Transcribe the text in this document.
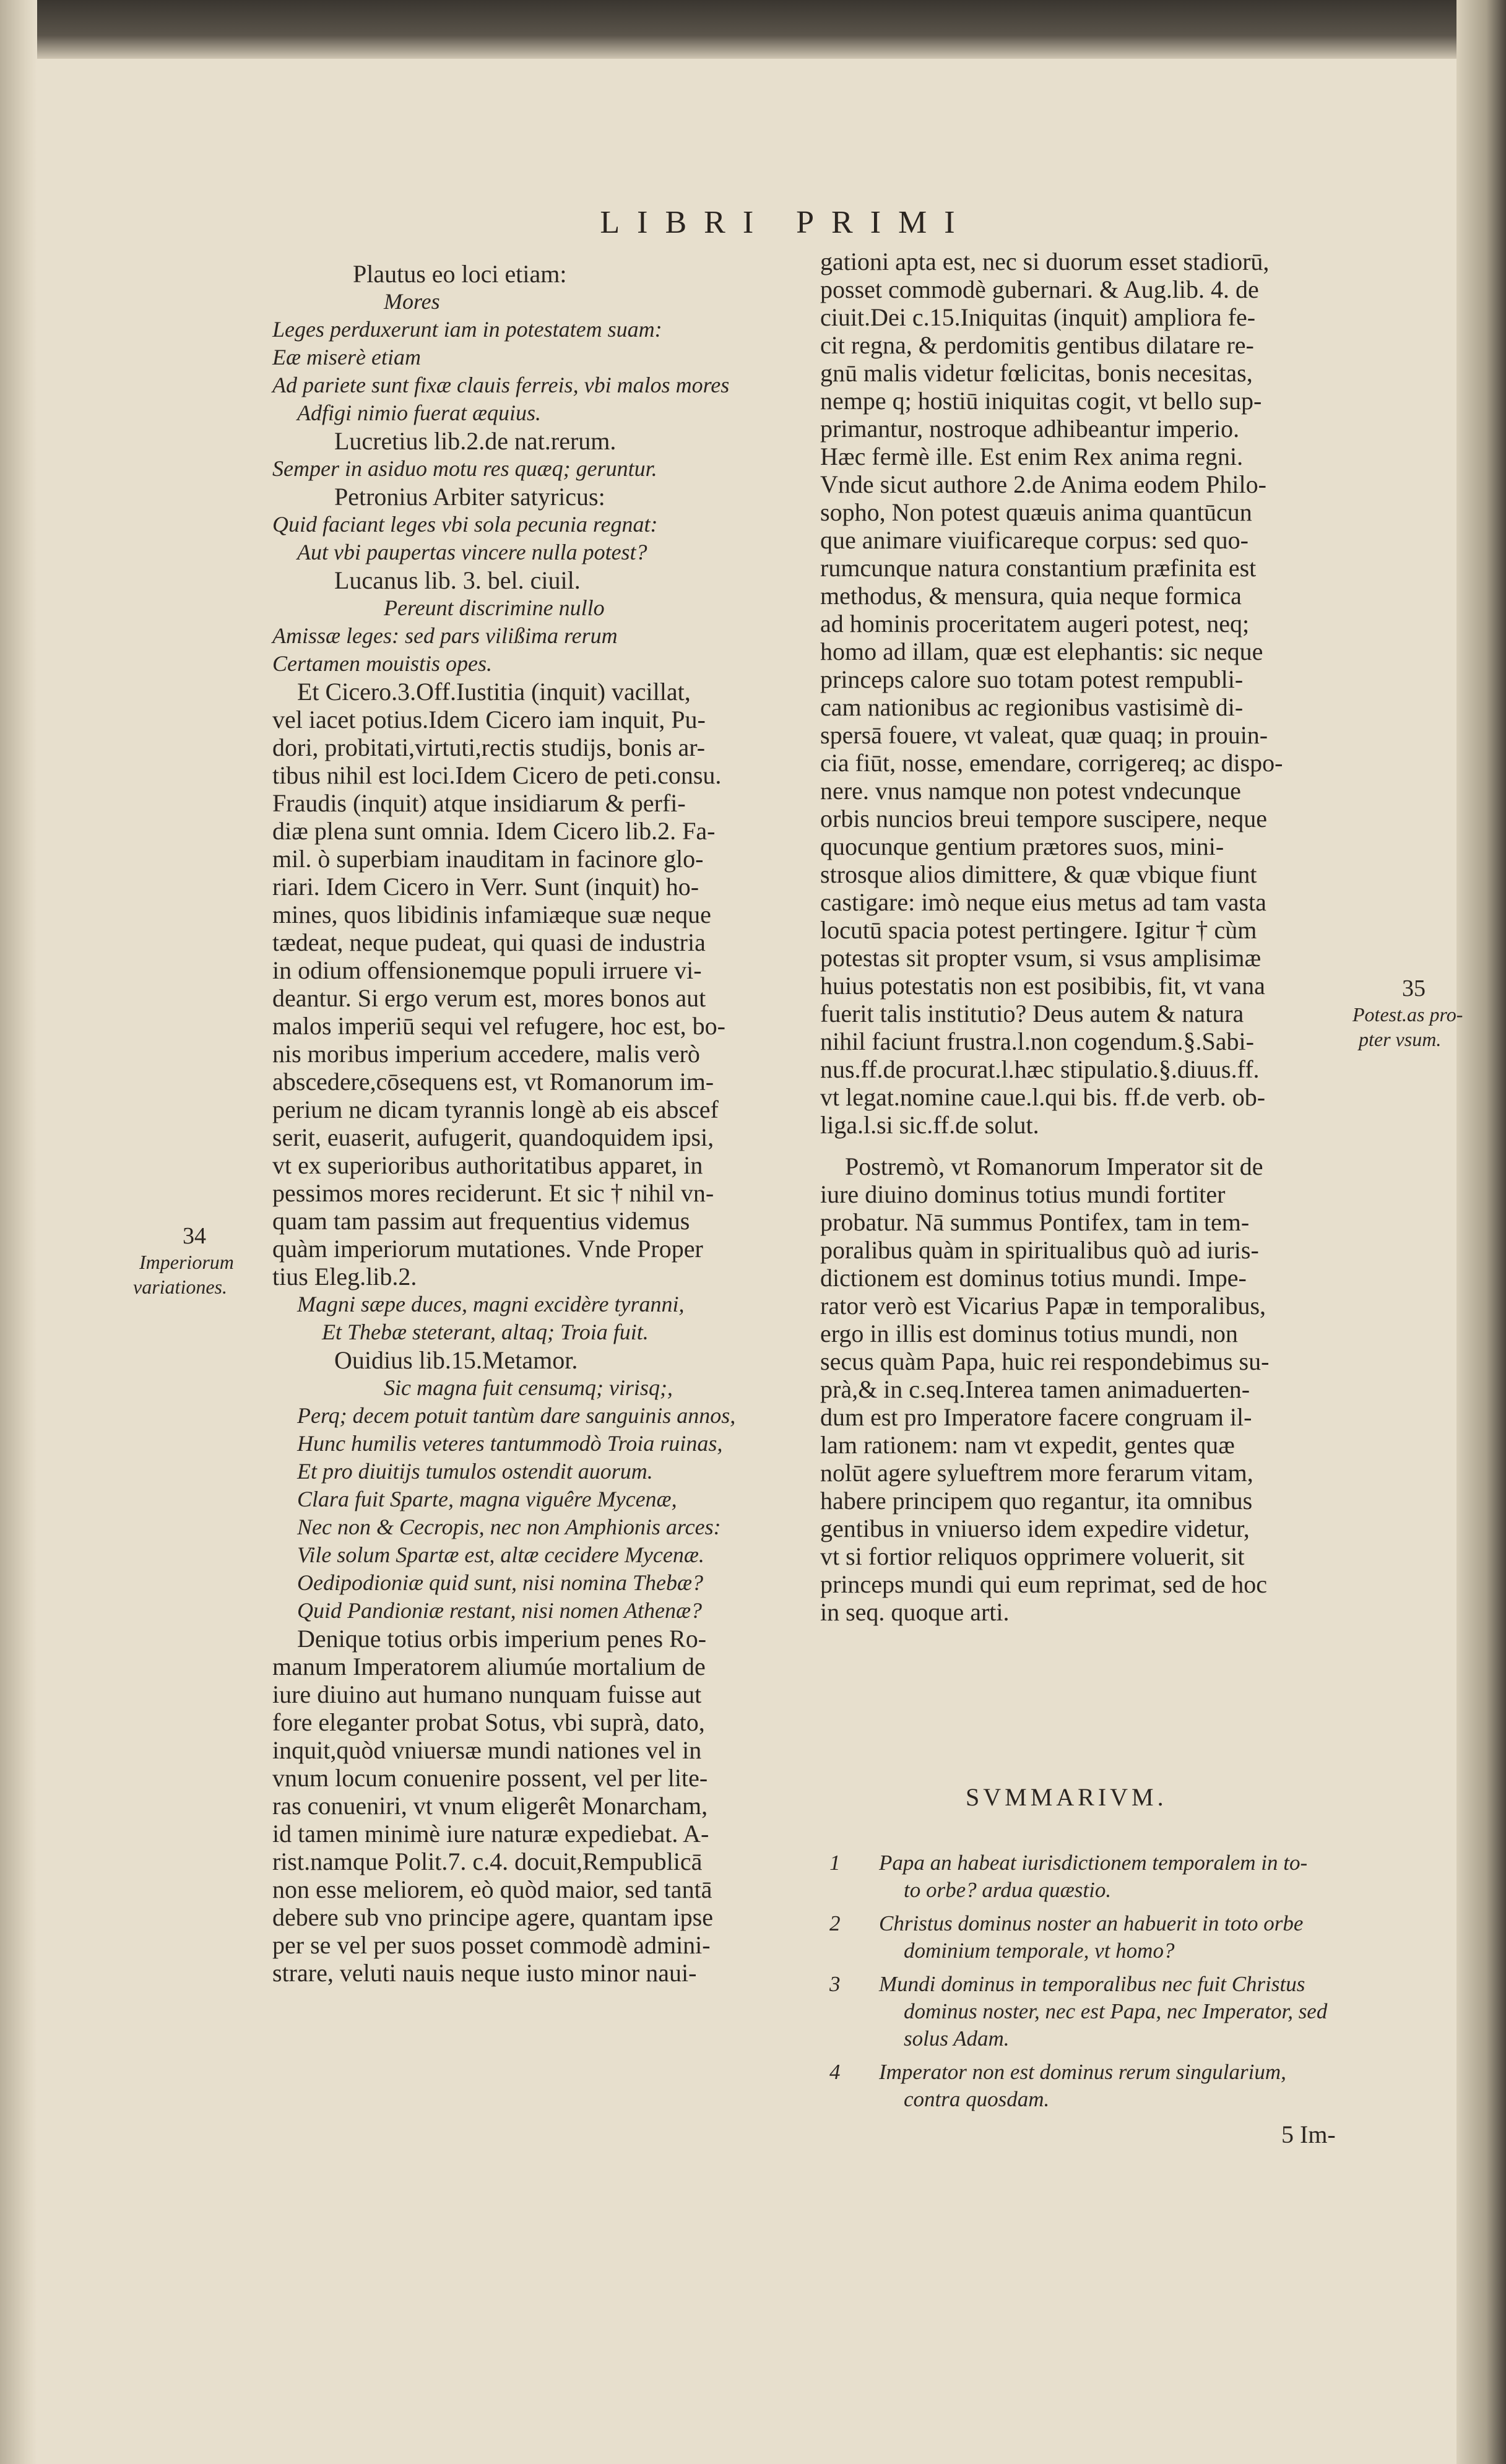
LIBRI PRIMI
Plautus eo loci etiam:
Mores
Leges perduxerunt iam in potestatem suam:
Eæ miserè etiam
Ad pariete sunt fixæ clauis ferreis, vbi malos mores
Adfigi nimio fuerat æquius.
Lucretius lib.2.de nat.rerum.
Semper in asiduo motu res quæq; geruntur.
Petronius Arbiter satyricus:
Quid faciant leges vbi sola pecunia regnat:
Aut vbi paupertas vincere nulla potest?
Lucanus lib. 3. bel. ciuil.
Pereunt discrimine nullo
Amissæ leges: sed pars vilißima rerum
Certamen mouistis opes.
Et Cicero.3.Off.Iustitia (inquit) vacillat,
vel iacet potius.Idem Cicero iam inquit, Pu-
dori, probitati,virtuti,rectis studijs, bonis ar-
tibus nihil est loci.Idem Cicero de peti.consu.
Fraudis (inquit) atque insidiarum & perfi-
diæ plena sunt omnia. Idem Cicero lib.2. Fa-
mil. ò superbiam inauditam in facinore glo-
riari. Idem Cicero in Verr. Sunt (inquit) ho-
mines, quos libidinis infamiæque suæ neque
tædeat, neque pudeat, qui quasi de industria
in odium offensionemque populi irruere vi-
deantur. Si ergo verum est, mores bonos aut
malos imperiū sequi vel refugere, hoc est, bo-
nis moribus imperium accedere, malis verò
abscedere,cōsequens est, vt Romanorum im-
perium ne dicam tyrannis longè ab eis abscef
serit, euaserit, aufugerit, quandoquidem ipsi,
vt ex superioribus authoritatibus apparet, in
pessimos mores reciderunt. Et sic † nihil vn-
quam tam passim aut frequentius videmus
quàm imperiorum mutationes. Vnde Proper
tius Eleg.lib.2.
Magni sæpe duces, magni excidère tyranni,
Et Thebæ steterant, altaq; Troia fuit.
Ouidius lib.15.Metamor.
Sic magna fuit censumq; virisq;,
Perq; decem potuit tantùm dare sanguinis annos,
Hunc humilis veteres tantummodò Troia ruinas,
Et pro diuitijs tumulos ostendit auorum.
Clara fuit Sparte, magna viguêre Mycenæ,
Nec non & Cecropis, nec non Amphionis arces:
Vile solum Spartæ est, altæ cecidere Mycenæ.
Oedipodioniæ quid sunt, nisi nomina Thebæ?
Quid Pandioniæ restant, nisi nomen Athenæ?
Denique totius orbis imperium penes Ro-
manum Imperatorem aliumúe mortalium de
iure diuino aut humano nunquam fuisse aut
fore eleganter probat Sotus, vbi suprà, dato,
inquit,quòd vniuersæ mundi nationes vel in
vnum locum conuenire possent, vel per lite-
ras conueniri, vt vnum eligerêt Monarcham,
id tamen minimè iure naturæ expediebat. A-
rist.namque Polit.7. c.4. docuit,Rempublicā
non esse meliorem, eò quòd maior, sed tantā
debere sub vno principe agere, quantam ipse
per se vel per suos posset commodè admini-
strare, veluti nauis neque iusto minor naui-
gationi apta est, nec si duorum esset stadiorū,
posset commodè gubernari. & Aug.lib. 4. de
ciuit.Dei c.15.Iniquitas (inquit) ampliora fe-
cit regna, & perdomitis gentibus dilatare re-
gnū malis videtur fœlicitas, bonis necesitas,
nempe q; hostiū iniquitas cogit, vt bello sup-
primantur, nostroque adhibeantur imperio.
Hæc fermè ille. Est enim Rex anima regni.
Vnde sicut authore 2.de Anima eodem Philo-
sopho, Non potest quæuis anima quantūcun
que animare viuificareque corpus: sed quo-
rumcunque natura constantium præfinita est
methodus, & mensura, quia neque formica
ad hominis proceritatem augeri potest, neq;
homo ad illam, quæ est elephantis: sic neque
princeps calore suo totam potest rempubli-
cam nationibus ac regionibus vastisimè di-
spersā fouere, vt valeat, quæ quaq; in prouin-
cia fiūt, nosse, emendare, corrigereq; ac dispo-
nere. vnus namque non potest vndecunque
orbis nuncios breui tempore suscipere, neque
quocunque gentium prætores suos, mini-
strosque alios dimittere, & quæ vbique fiunt
castigare: imò neque eius metus ad tam vasta
locutū spacia potest pertingere. Igitur † cùm
potestas sit propter vsum, si vsus amplisimæ
huius potestatis non est posibibis, fit, vt vana
fuerit talis institutio? Deus autem & natura
nihil faciunt frustra.l.non cogendum.§.Sabi-
nus.ff.de procurat.l.hæc stipulatio.§.diuus.ff.
vt legat.nomine caue.l.qui bis. ff.de verb. ob-
liga.l.si sic.ff.de solut.
Postremò, vt Romanorum Imperator sit de
iure diuino dominus totius mundi fortiter
probatur. Nā summus Pontifex, tam in tem-
poralibus quàm in spiritualibus quò ad iuris-
dictionem est dominus totius mundi. Impe-
rator verò est Vicarius Papæ in temporalibus,
ergo in illis est dominus totius mundi, non
secus quàm Papa, huic rei respondebimus su-
prà,& in c.seq.Interea tamen animaduerten-
dum est pro Imperatore facere congruam il-
lam rationem: nam vt expedit, gentes quæ
nolūt agere sylueftrem more ferarum vitam,
habere principem quo regantur, ita omnibus
gentibus in vniuerso idem expedire videtur,
vt si fortior reliquos opprimere voluerit, sit
princeps mundi qui eum reprimat, sed de hoc
in seq. quoque arti.
34
Imperiorum
variationes.
35
Potest.as pro-
pter vsum.
SVMMARIVM.
1 Papa an habeat iurisdictionem temporalem in to-
to orbe? ardua quæstio.
2 Christus dominus noster an habuerit in toto orbe
dominium temporale, vt homo?
3 Mundi dominus in temporalibus nec fuit Christus
dominus noster, nec est Papa, nec Imperator, sed
solus Adam.
4 Imperator non est dominus rerum singularium,
contra quosdam.
5 Im-
